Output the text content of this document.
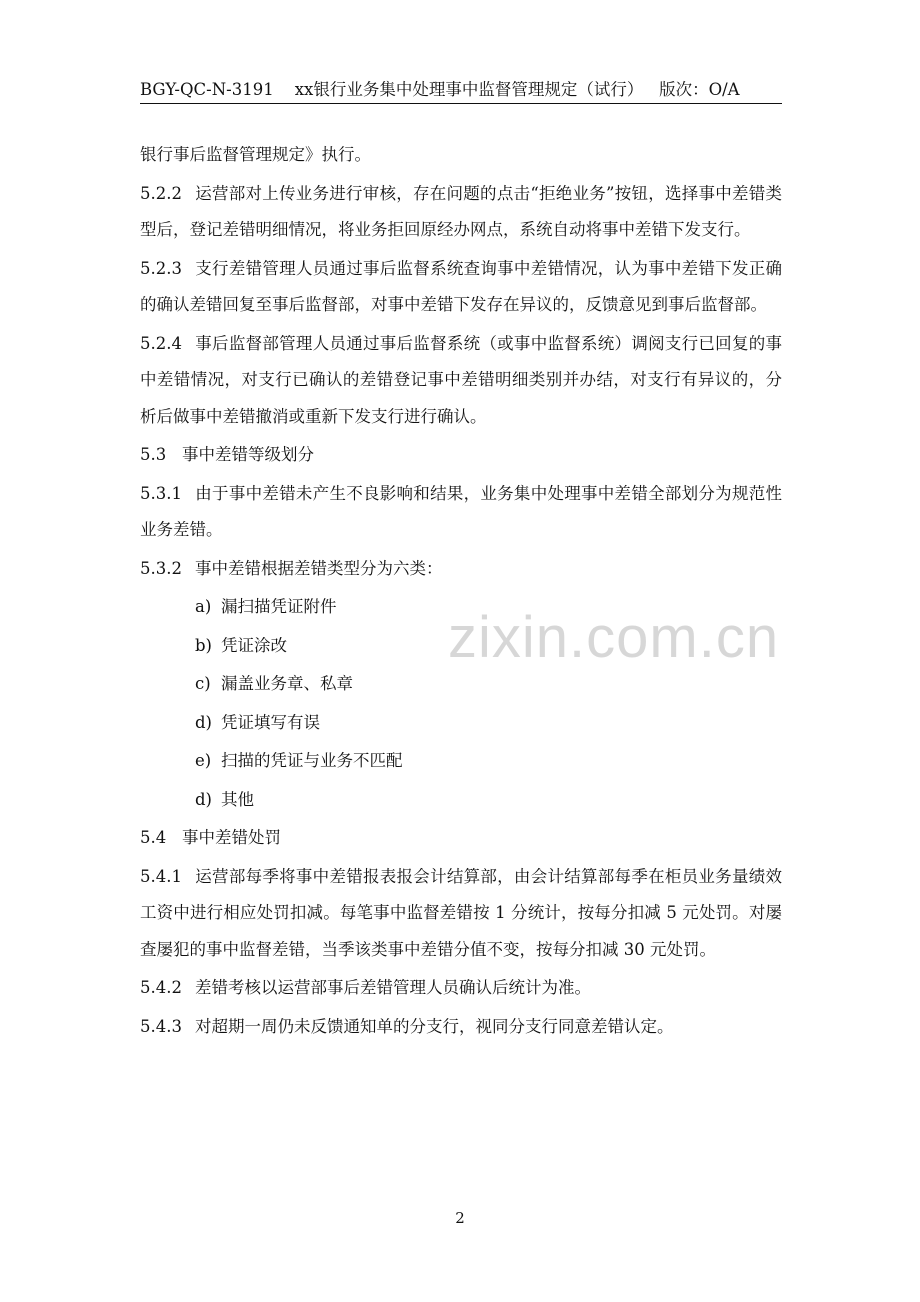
BGY-QC-N-3191 xx银行业务集中处理事中监督管理规定（试行） 版次：O/A
zixin.com.cn

银行事后监督管理规定》执行。

5.2.2 运营部对上传业务进行审核，存在问题的点击“拒绝业务”按钮，选择事中差错类型后，登记差错明细情况，将业务拒回原经办网点，系统自动将事中差错下发支行。

5.2.3 支行差错管理人员通过事后监督系统查询事中差错情况，认为事中差错下发正确的确认差错回复至事后监督部，对事中差错下发存在异议的，反馈意见到事后监督部。

5.2.4 事后监督部管理人员通过事后监督系统（或事中监督系统）调阅支行已回复的事中差错情况，对支行已确认的差错登记事中差错明细类别并办结，对支行有异议的，分析后做事中差错撤消或重新下发支行进行确认。

5.3 事中差错等级划分

5.3.1 由于事中差错未产生不良影响和结果，业务集中处理事中差错全部划分为规范性业务差错。

5.3.2 事中差错根据差错类型分为六类：

a) 漏扫描凭证附件

b) 凭证涂改

c) 漏盖业务章、私章

d) 凭证填写有误

e) 扫描的凭证与业务不匹配

d) 其他

5.4 事中差错处罚

5.4.1 运营部每季将事中差错报表报会计结算部，由会计结算部每季在柜员业务量绩效工资中进行相应处罚扣减。每笔事中监督差错按 1 分统计，按每分扣减 5 元处罚。对屡查屡犯的事中监督差错，当季该类事中差错分值不变，按每分扣减 30 元处罚。

5.4.2 差错考核以运营部事后差错管理人员确认后统计为准。

5.4.3 对超期一周仍未反馈通知单的分支行，视同分支行同意差错认定。

2
